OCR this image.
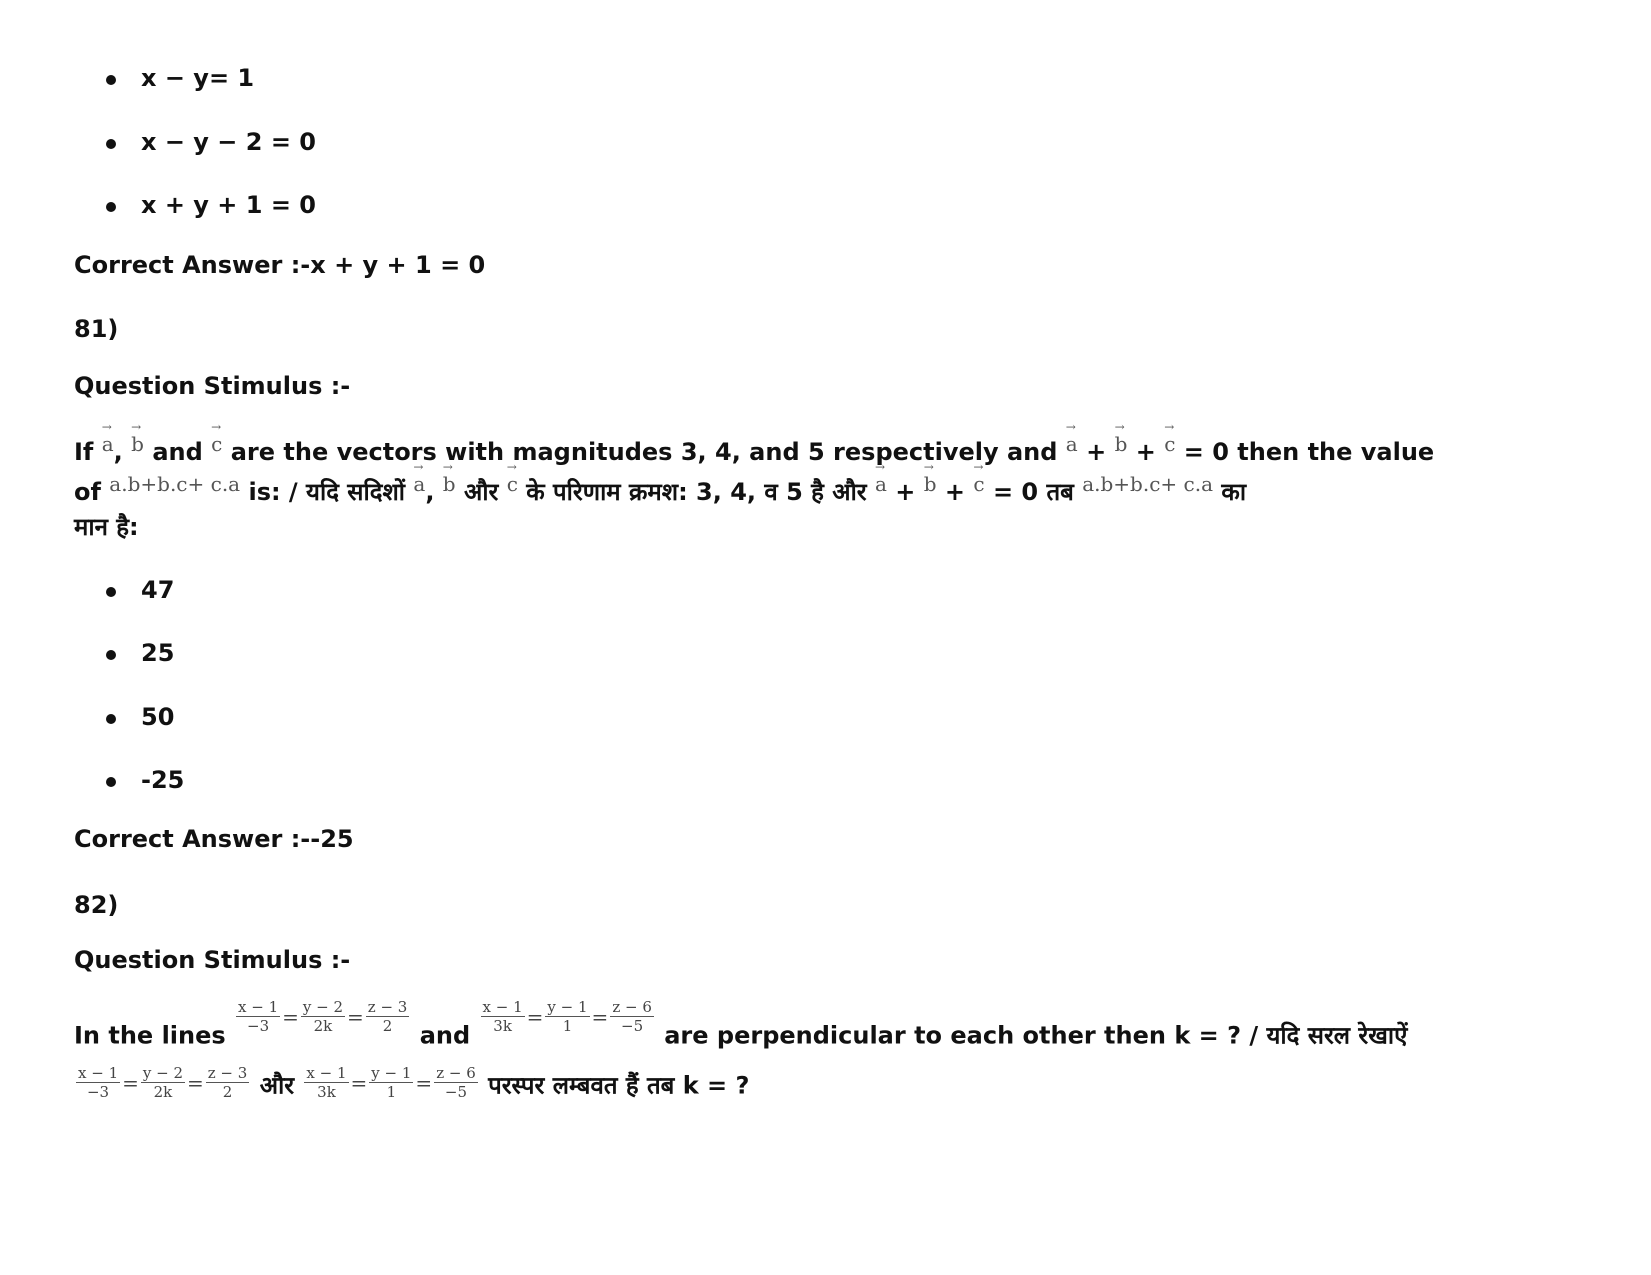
x − y= 1
x − y − 2 = 0
x + y + 1 = 0
Correct Answer :-x + y + 1 = 0
81)
Question Stimulus :-
If → a, → b and → c are the vectors with magnitudes 3, 4, and 5 respectively and → a + → b + → c = 0 then the value
of $^{a.b+b.c+ c.a}$ is: / यदि सदिशों → a, → b और → c के परिणाम क्रमश: 3, 4, व 5 है और → a + → b + → c = 0 तब $^{a.b+b.c+ c.a}$ का
मान है:
47
25
50
-25
Correct Answer :--25
82)
Question Stimulus :-
In the lines
$\frac{x - 1}{-3} ^= \frac{y - 2}{2k} ^= \frac{z - 3}{2}$
and
$\frac{x - 1}{3k} ^= \frac{y - 1}{1} ^= \frac{z - 6}{-5}$
are perpendicular to each other then k = ? / यदि सरल रेखाऐं
$\frac{x - 1}{-3} = \frac{y - 2}{2k} = \frac{z - 3}{2}$ और $\frac{x - 1}{3k} = \frac{y - 1}{1} = \frac{z - 6}{-5}$ परस्पर लम्बवत हैं तब k = ?
